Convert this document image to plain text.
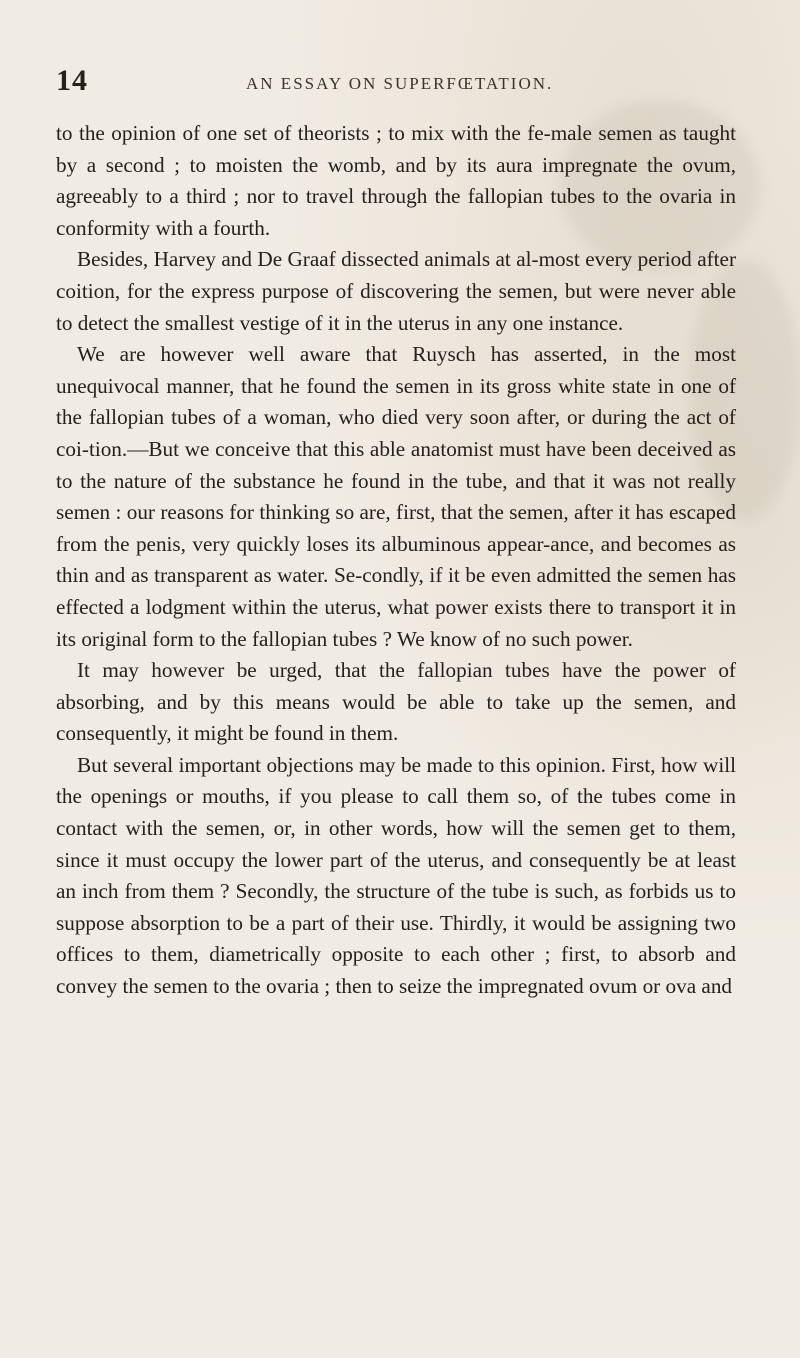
14	AN ESSAY ON SUPERFŒTATION.

to the opinion of one set of theorists ; to mix with the fe-male semen as taught by a second ; to moisten the womb, and by its aura impregnate the ovum, agreeably to a third ; nor to travel through the fallopian tubes to the ovaria in conformity with a fourth.

Besides, Harvey and De Graaf dissected animals at al-most every period after coition, for the express purpose of discovering the semen, but were never able to detect the smallest vestige of it in the uterus in any one instance.

We are however well aware that Ruysch has asserted, in the most unequivocal manner, that he found the semen in its gross white state in one of the fallopian tubes of a woman, who died very soon after, or during the act of coi-tion.—But we conceive that this able anatomist must have been deceived as to the nature of the substance he found in the tube, and that it was not really semen : our reasons for thinking so are, first, that the semen, after it has escaped from the penis, very quickly loses its albuminous appear-ance, and becomes as thin and as transparent as water. Se-condly, if it be even admitted the semen has effected a lodgment within the uterus, what power exists there to transport it in its original form to the fallopian tubes ? We know of no such power.

It may however be urged, that the fallopian tubes have the power of absorbing, and by this means would be able to take up the semen, and consequently, it might be found in them.

But several important objections may be made to this opinion. First, how will the openings or mouths, if you please to call them so, of the tubes come in contact with the semen, or, in other words, how will the semen get to them, since it must occupy the lower part of the uterus, and consequently be at least an inch from them ? Secondly, the structure of the tube is such, as forbids us to suppose absorption to be a part of their use. Thirdly, it would be assigning two offices to them, diametrically opposite to each other ; first, to absorb and convey the semen to the ovaria ; then to seize the impregnated ovum or ova and
